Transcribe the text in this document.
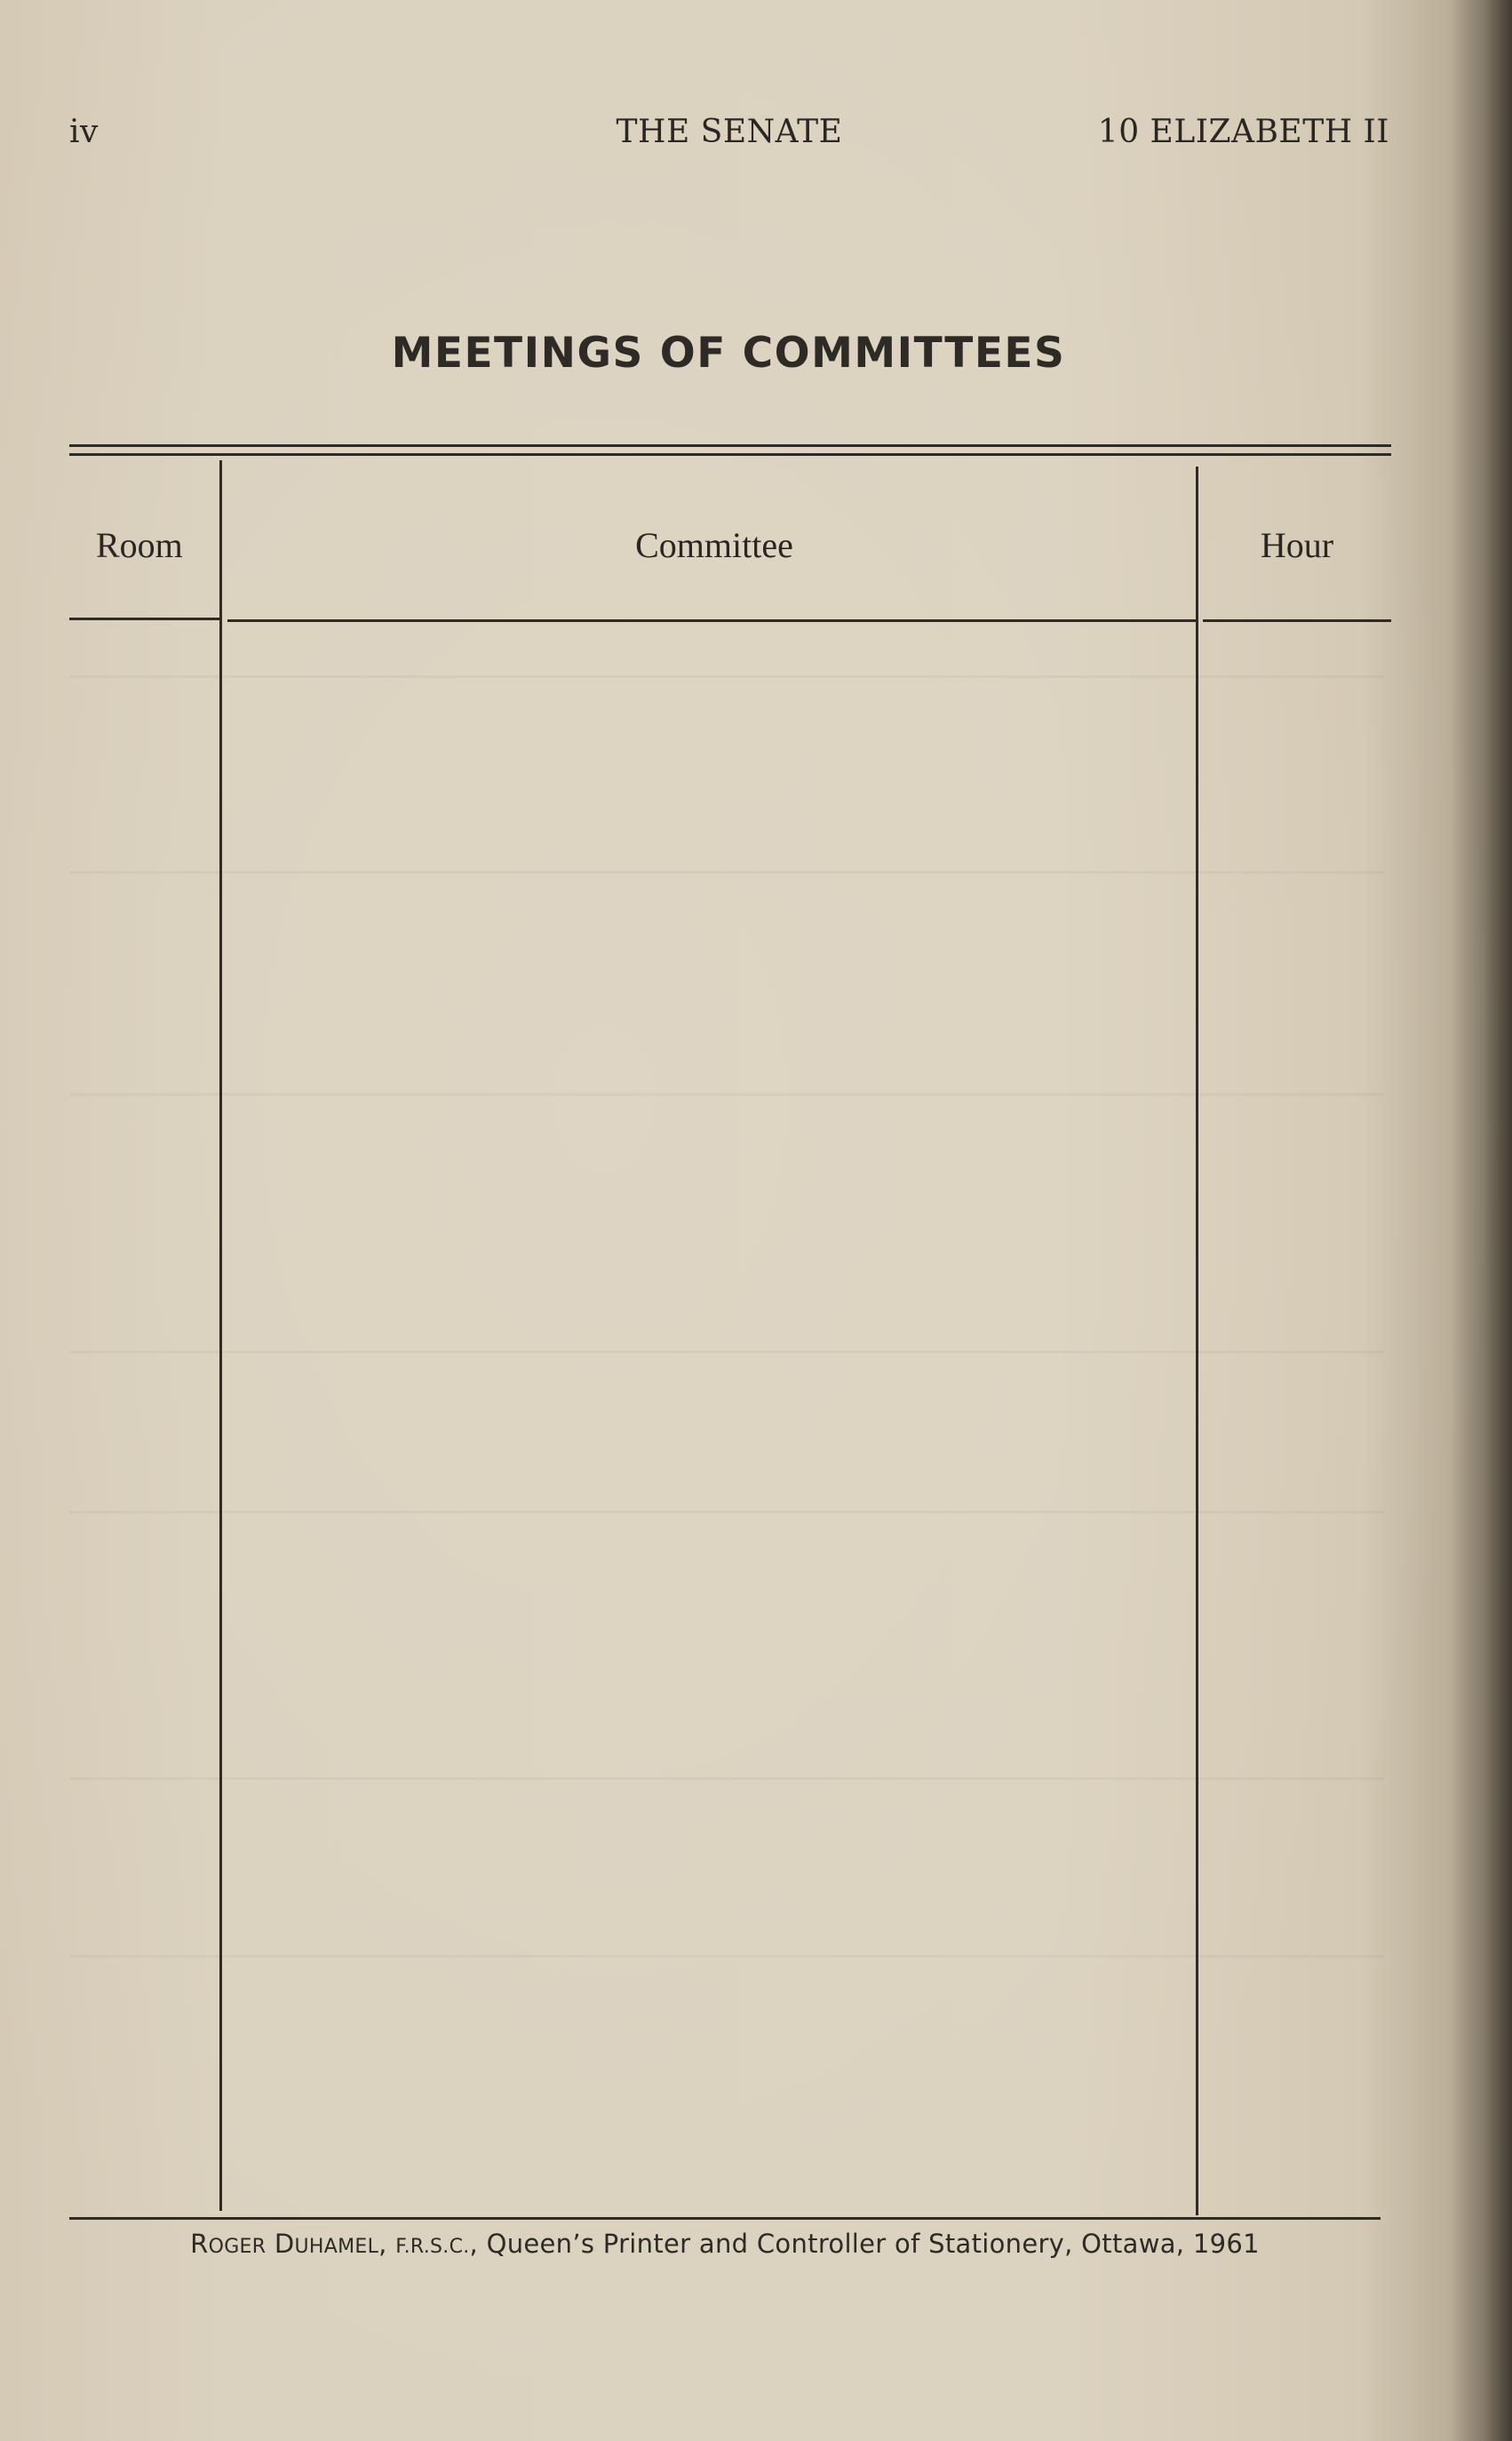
iv	THE SENATE	10 ELIZABETH II
MEETINGS OF COMMITTEES
Room	Committee	Hour
ROGER DUHAMEL, F.R.S.C., Queen’s Printer and Controller of Stationery, Ottawa, 1961
